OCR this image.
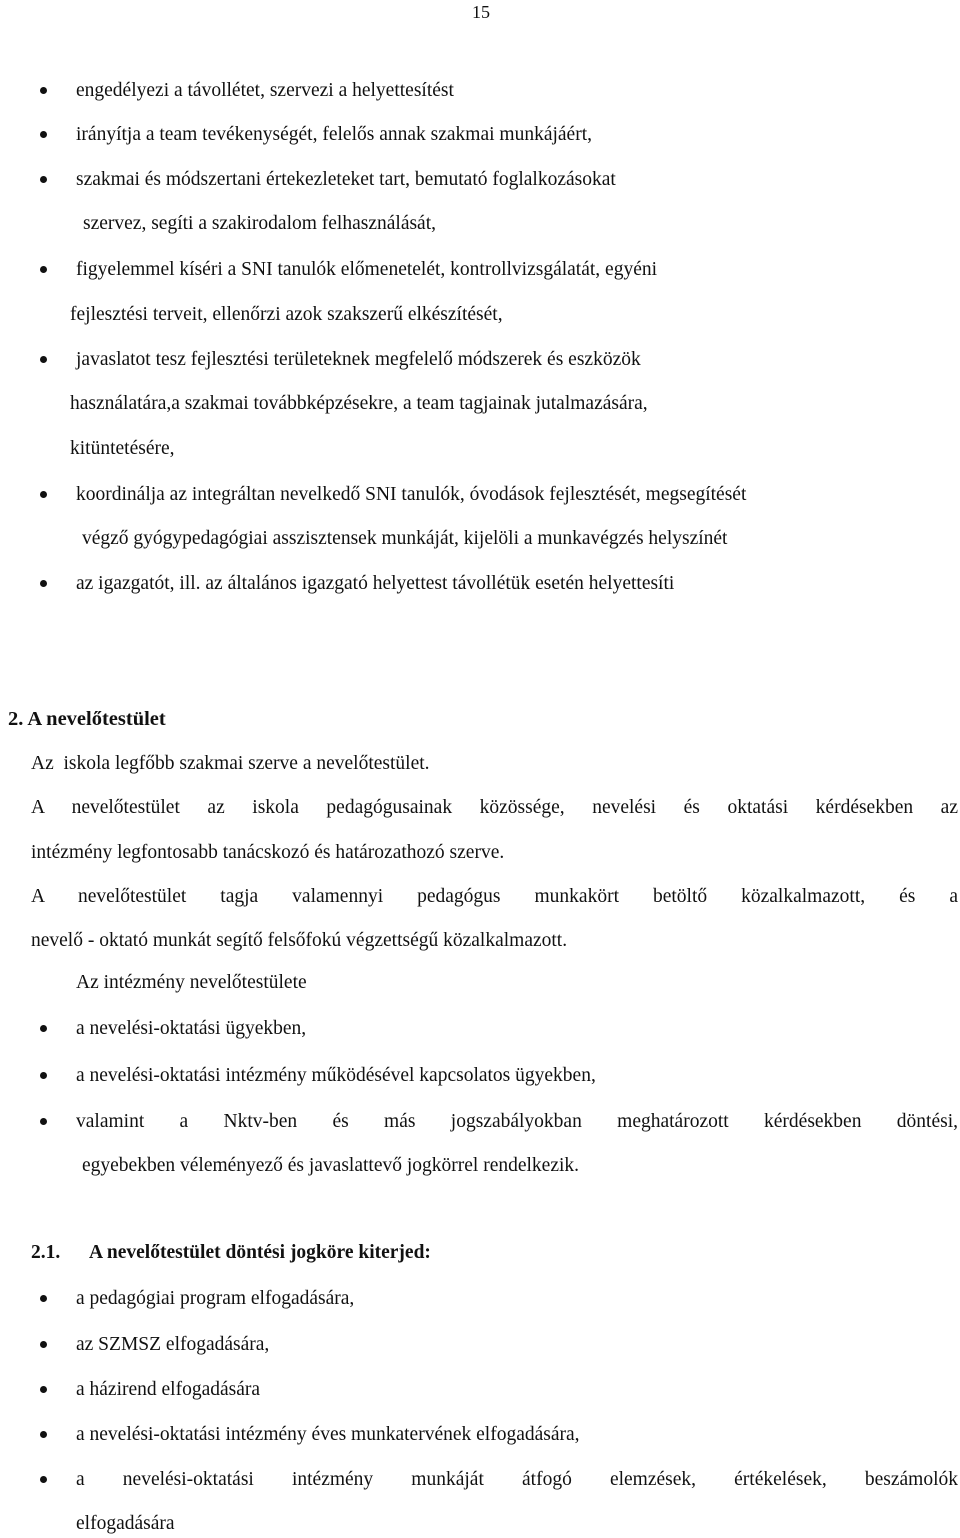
15
engedélyezi a távollétet, szervezi a helyettesítést
irányítja a team tevékenységét, felelős annak szakmai munkájáért,
szakmai és módszertani értekezleteket tart, bemutató foglalkozásokat
szervez, segíti a szakirodalom felhasználását,
figyelemmel kíséri a SNI tanulók előmenetelét, kontrollvizsgálatát, egyéni
fejlesztési terveit, ellenőrzi azok szakszerű elkészítését,
javaslatot tesz fejlesztési területeknek megfelelő módszerek és eszközök
használatára,a szakmai továbbképzésekre, a team tagjainak jutalmazására,
kitüntetésére,
koordinálja az integráltan nevelkedő SNI tanulók, óvodások fejlesztését, megsegítését
végző gyógypedagógiai asszisztensek munkáját, kijelöli a munkavégzés helyszínét
az igazgatót, ill. az általános igazgató helyettest távollétük esetén helyettesíti
2. A nevelőtestület
Az  iskola legfőbb szakmai szerve a nevelőtestület.
A nevelőtestület az iskola pedagógusainak közössége, nevelési és oktatási kérdésekben az
intézmény legfontosabb tanácskozó és határozathozó szerve.
A nevelőtestület tagja valamennyi pedagógus munkakört betöltő közalkalmazott, és a
nevelő - oktató munkát segítő felsőfokú végzettségű közalkalmazott.
Az intézmény nevelőtestülete
a nevelési-oktatási ügyekben,
a nevelési-oktatási intézmény működésével kapcsolatos ügyekben,
valamint a Nktv-ben és más jogszabályokban meghatározott kérdésekben döntési,
egyebekben véleményező és javaslattevő jogkörrel rendelkezik.
2.1. A nevelőtestület döntési jogköre kiterjed:
a pedagógiai program elfogadására,
az SZMSZ elfogadására,
a házirend elfogadására
a nevelési-oktatási intézmény éves munkatervének elfogadására,
a nevelési-oktatási intézmény munkáját átfogó elemzések, értékelések, beszámolók
elfogadására
